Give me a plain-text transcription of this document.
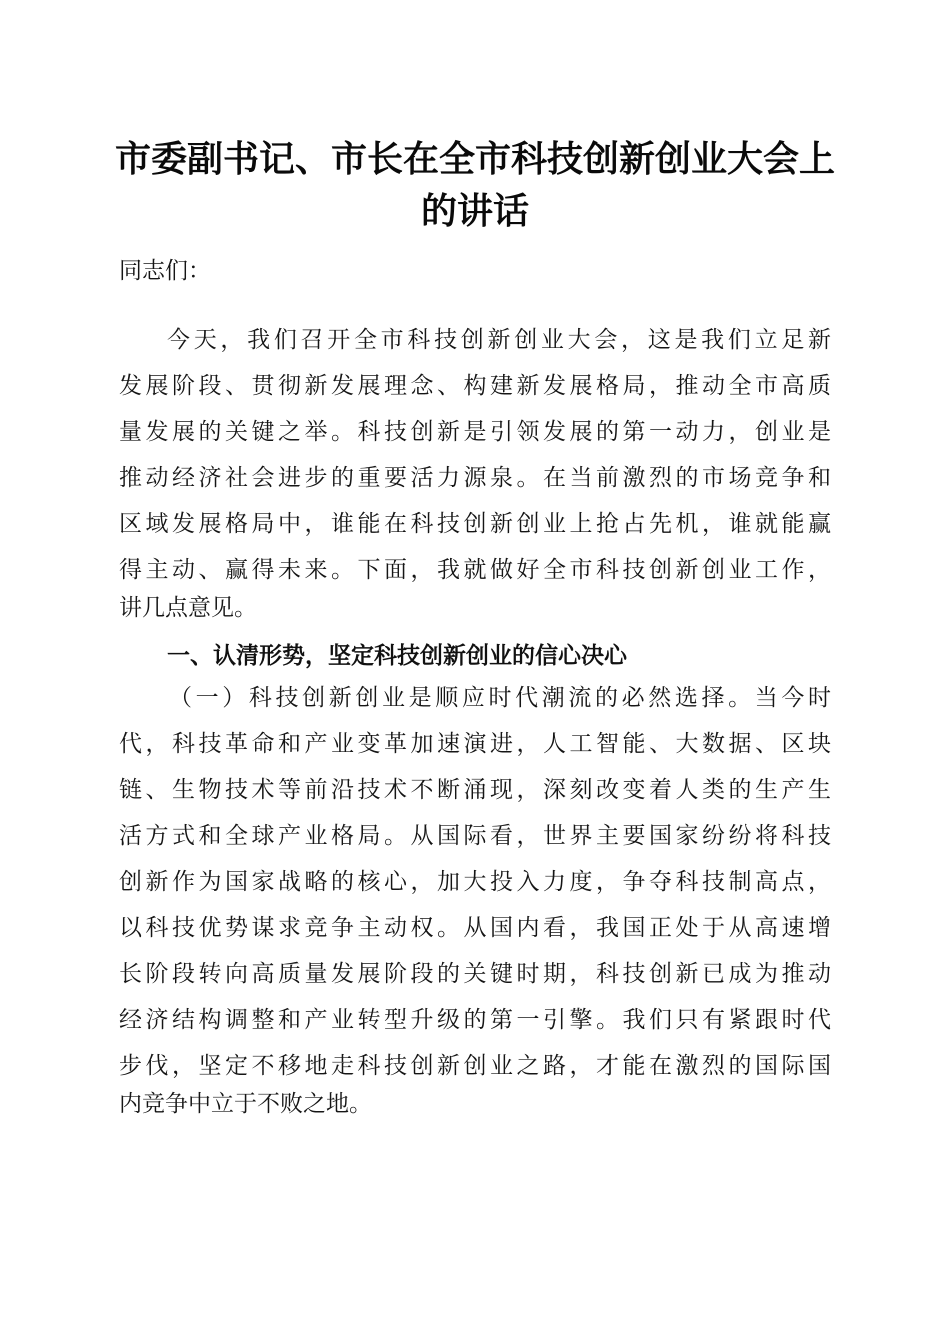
市委副书记、市长在全市科技创新创业大会上
的讲话
同志们：
今天，我们召开全市科技创新创业大会，这是我们立足新
发展阶段、贯彻新发展理念、构建新发展格局，推动全市高质
量发展的关键之举。科技创新是引领发展的第一动力，创业是
推动经济社会进步的重要活力源泉。在当前激烈的市场竞争和
区域发展格局中，谁能在科技创新创业上抢占先机，谁就能赢
得主动、赢得未来。下面，我就做好全市科技创新创业工作，
讲几点意见。
一、认清形势，坚定科技创新创业的信心决心
（一）科技创新创业是顺应时代潮流的必然选择。当今时
代，科技革命和产业变革加速演进，人工智能、大数据、区块
链、生物技术等前沿技术不断涌现，深刻改变着人类的生产生
活方式和全球产业格局。从国际看，世界主要国家纷纷将科技
创新作为国家战略的核心，加大投入力度，争夺科技制高点，
以科技优势谋求竞争主动权。从国内看，我国正处于从高速增
长阶段转向高质量发展阶段的关键时期，科技创新已成为推动
经济结构调整和产业转型升级的第一引擎。我们只有紧跟时代
步伐，坚定不移地走科技创新创业之路，才能在激烈的国际国
内竞争中立于不败之地。
